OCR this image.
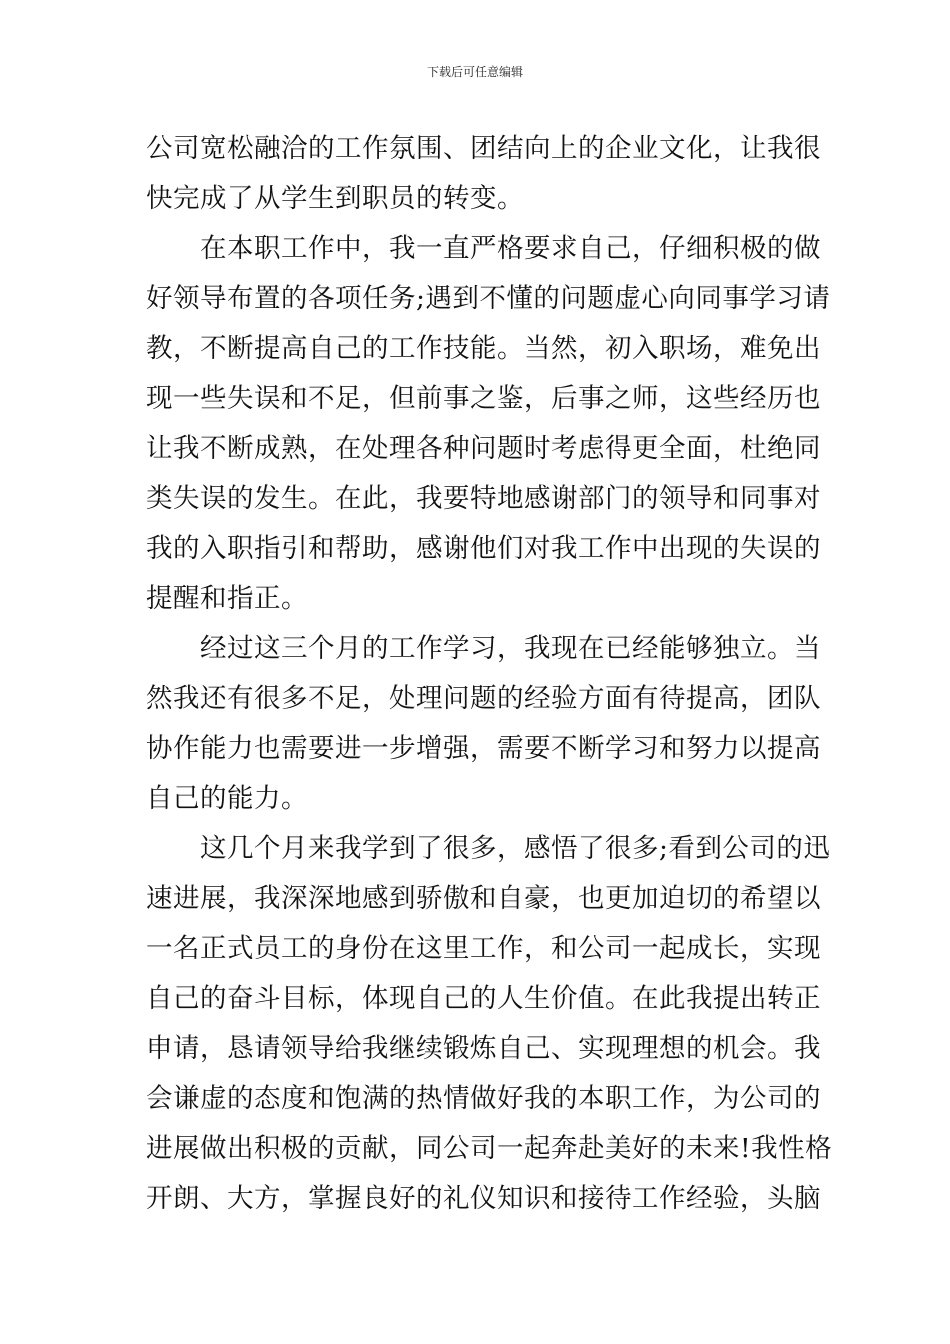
下载后可任意编辑
公司宽松融洽的工作氛围、团结向上的企业文化，让我很
快完成了从学生到职员的转变。
在本职工作中，我一直严格要求自己，仔细积极的做
好领导布置的各项任务;遇到不懂的问题虚心向同事学习请
教，不断提高自己的工作技能。当然，初入职场，难免出
现一些失误和不足，但前事之鉴，后事之师，这些经历也
让我不断成熟，在处理各种问题时考虑得更全面，杜绝同
类失误的发生。在此，我要特地感谢部门的领导和同事对
我的入职指引和帮助，感谢他们对我工作中出现的失误的
提醒和指正。
经过这三个月的工作学习，我现在已经能够独立。当
然我还有很多不足，处理问题的经验方面有待提高，团队
协作能力也需要进一步增强，需要不断学习和努力以提高
自己的能力。
这几个月来我学到了很多，感悟了很多;看到公司的迅
速进展，我深深地感到骄傲和自豪，也更加迫切的希望以
一名正式员工的身份在这里工作，和公司一起成长，实现
自己的奋斗目标，体现自己的人生价值。在此我提出转正
申请，恳请领导给我继续锻炼自己、实现理想的机会。我
会谦虚的态度和饱满的热情做好我的本职工作，为公司的
进展做出积极的贡献，同公司一起奔赴美好的未来!我性格
开朗、大方，掌握良好的礼仪知识和接待工作经验，头脑
